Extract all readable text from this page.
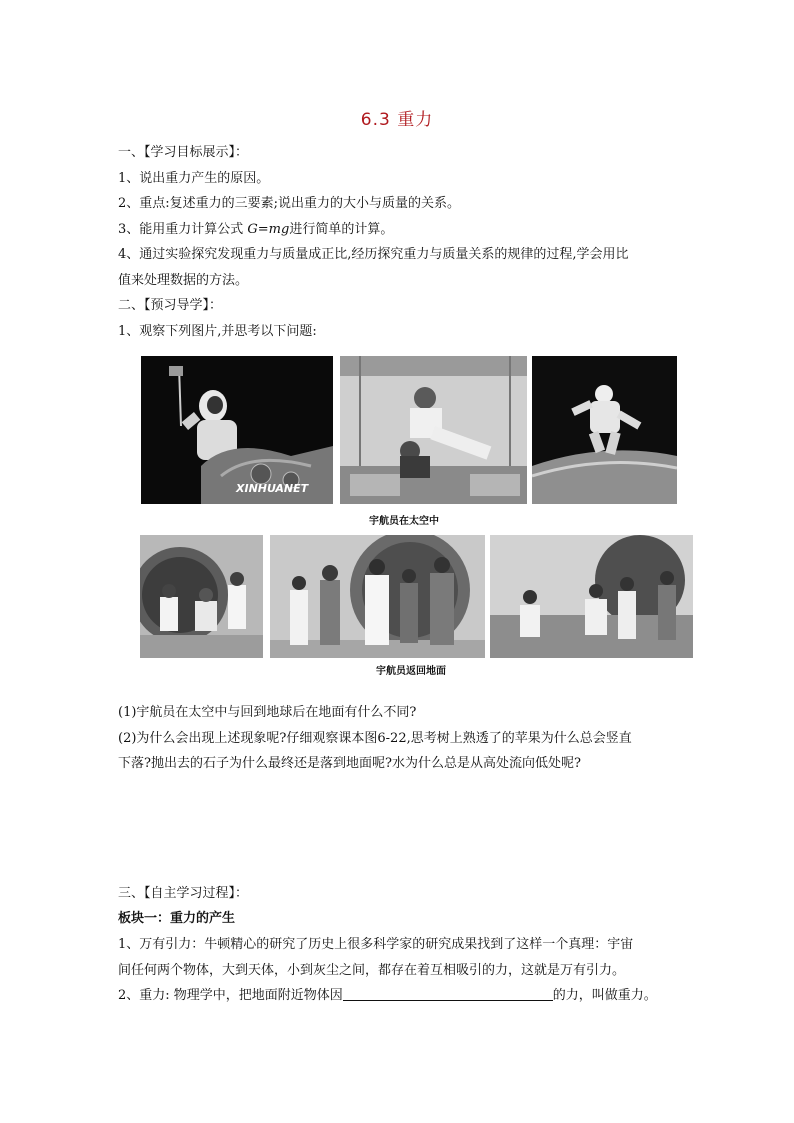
6.3 重力
一、【学习目标展示】：
1、说出重力产生的原因。
2、重点:复述重力的三要素;说出重力的大小与质量的关系。
3、能用重力计算公式 G=mg进行简单的计算。
4、通过实验探究发现重力与质量成正比,经历探究重力与质量关系的规律的过程,学会用比
值来处理数据的方法。
二、【预习导学】：
1、观察下列图片,并思考以下问题:
XINHUANET
宇航员在太空中
宇航员返回地面
(1)宇航员在太空中与回到地球后在地面有什么不同?
(2)为什么会出现上述现象呢?仔细观察课本图6-22,思考树上熟透了的苹果为什么总会竖直
下落?抛出去的石子为什么最终还是落到地面呢?水为什么总是从高处流向低处呢?
三、【自主学习过程】：
板块一：重力的产生
1、万有引力：牛顿精心的研究了历史上很多科学家的研究成果找到了这样一个真理：宇宙
间任何两个物体，大到天体，小到灰尘之间，都存在着互相吸引的力，这就是万有引力。
2、重力: 物理学中，把地面附近物体因	的力，叫做重力。
